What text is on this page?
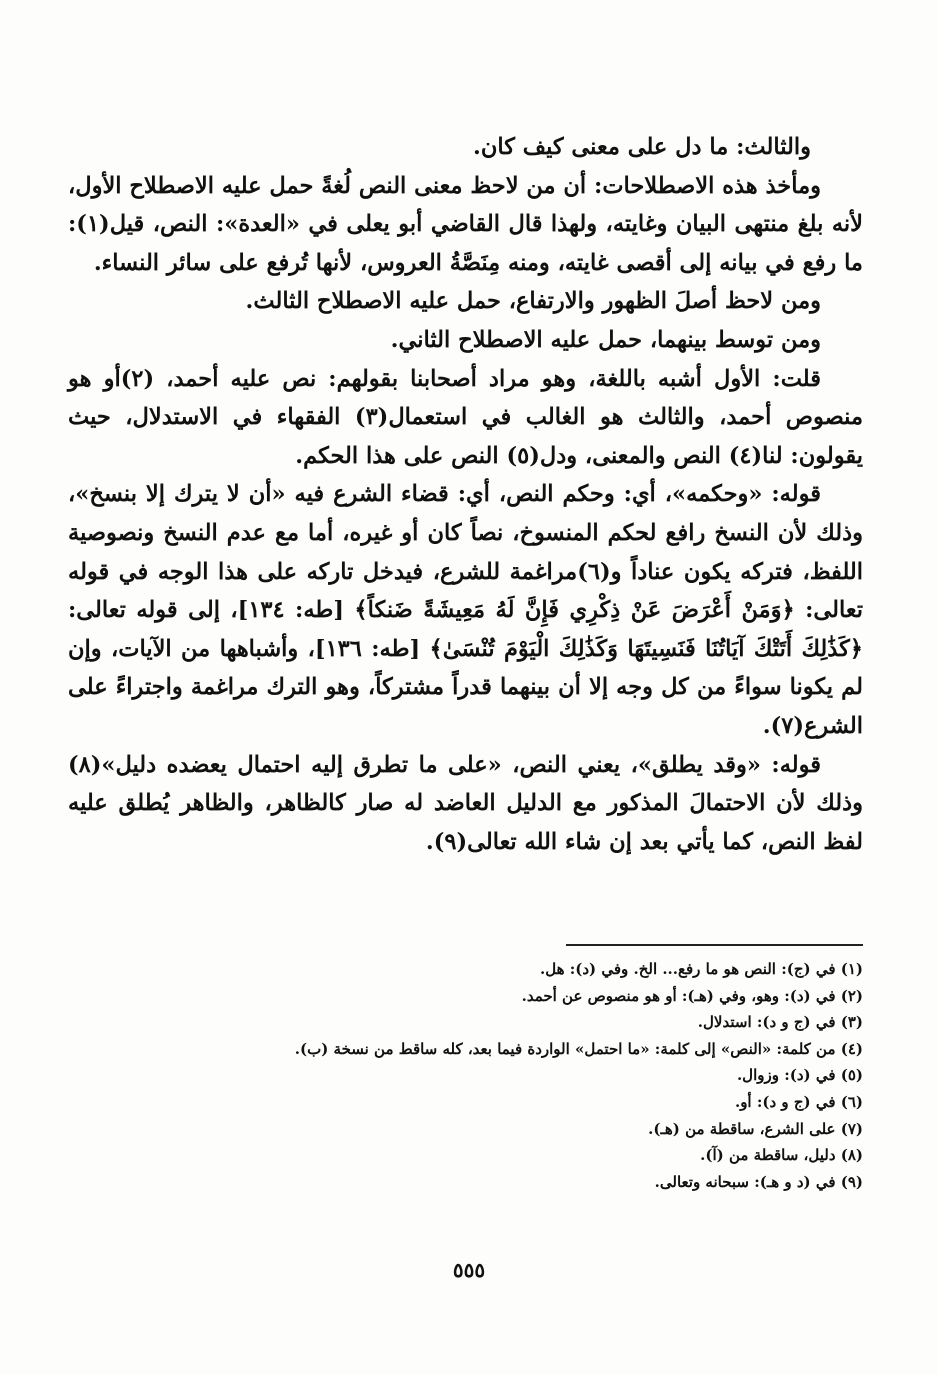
والثالث: ما دل على معنى كيف كان.

ومأخذ هذه الاصطلاحات: أن من لاحظ معنى النص لُغةً حمل عليه الاصطلاح الأول، لأنه بلغ منتهى البيان وغايته، ولهذا قال القاضي أبو يعلى في «العدة»: النص، قيل(١): ما رفع في بيانه إلى أقصى غايته، ومنه مِنَصَّةُ العروس، لأنها تُرفع على سائر النساء.

ومن لاحظ أصلَ الظهور والارتفاع، حمل عليه الاصطلاح الثالث.

ومن توسط بينهما، حمل عليه الاصطلاح الثاني.

قلت: الأول أشبه باللغة، وهو مراد أصحابنا بقولهم: نص عليه أحمد، (٢)أو هو منصوص أحمد، والثالث هو الغالب في استعمال(٣) الفقهاء في الاستدلال، حيث يقولون: لنا(٤) النص والمعنى، ودل(٥) النص على هذا الحكم.

قوله: «وحكمه»، أي: وحكم النص، أي: قضاء الشرع فيه «أن لا يترك إلا بنسخ»، وذلك لأن النسخ رافع لحكم المنسوخ، نصاً كان أو غيره، أما مع عدم النسخ ونصوصية اللفظ، فتركه يكون عناداً و(٦)مراغمة للشرع، فيدخل تاركه على هذا الوجه في قوله تعالى: ﴿وَمَنْ أَعْرَضَ عَنْ ذِكْرِي فَإِنَّ لَهُ مَعِيشَةً ضَنكاً﴾ [طه: ١٣٤]، إلى قوله تعالى: ﴿كَذَٰلِكَ أَتَتْكَ آيَاتُنَا فَنَسِيتَهَا وَكَذَٰلِكَ الْيَوْمَ تُنْسَىٰ﴾ [طه: ١٣٦]، وأشباهها من الآيات، وإن لم يكونا سواءً من كل وجه إلا أن بينهما قدراً مشتركاً، وهو الترك مراغمة واجتراءً على الشرع(٧).

قوله: «وقد يطلق»، يعني النص، «على ما تطرق إليه احتمال يعضده دليل»(٨) وذلك لأن الاحتمالَ المذكور مع الدليل العاضد له صار كالظاهر، والظاهر يُطلق عليه لفظ النص، كما يأتي بعد إن شاء الله تعالى(٩).

(١) في (ج): النص هو ما رفع... الخ. وفي (د): هل.
(٢) في (د): وهو، وفي (هـ): أو هو منصوص عن أحمد.
(٣) في (ج و د): استدلال.
(٤) من كلمة: «النص» إلى كلمة: «ما احتمل» الواردة فيما بعد، كله ساقط من نسخة (ب).
(٥) في (د): وزوال.
(٦) في (ج و د): أو.
(٧) على الشرع، ساقطة من (هـ).
(٨) دليل، ساقطة من (آ).
(٩) في (د و هـ): سبحانه وتعالى.
٥٥٥
